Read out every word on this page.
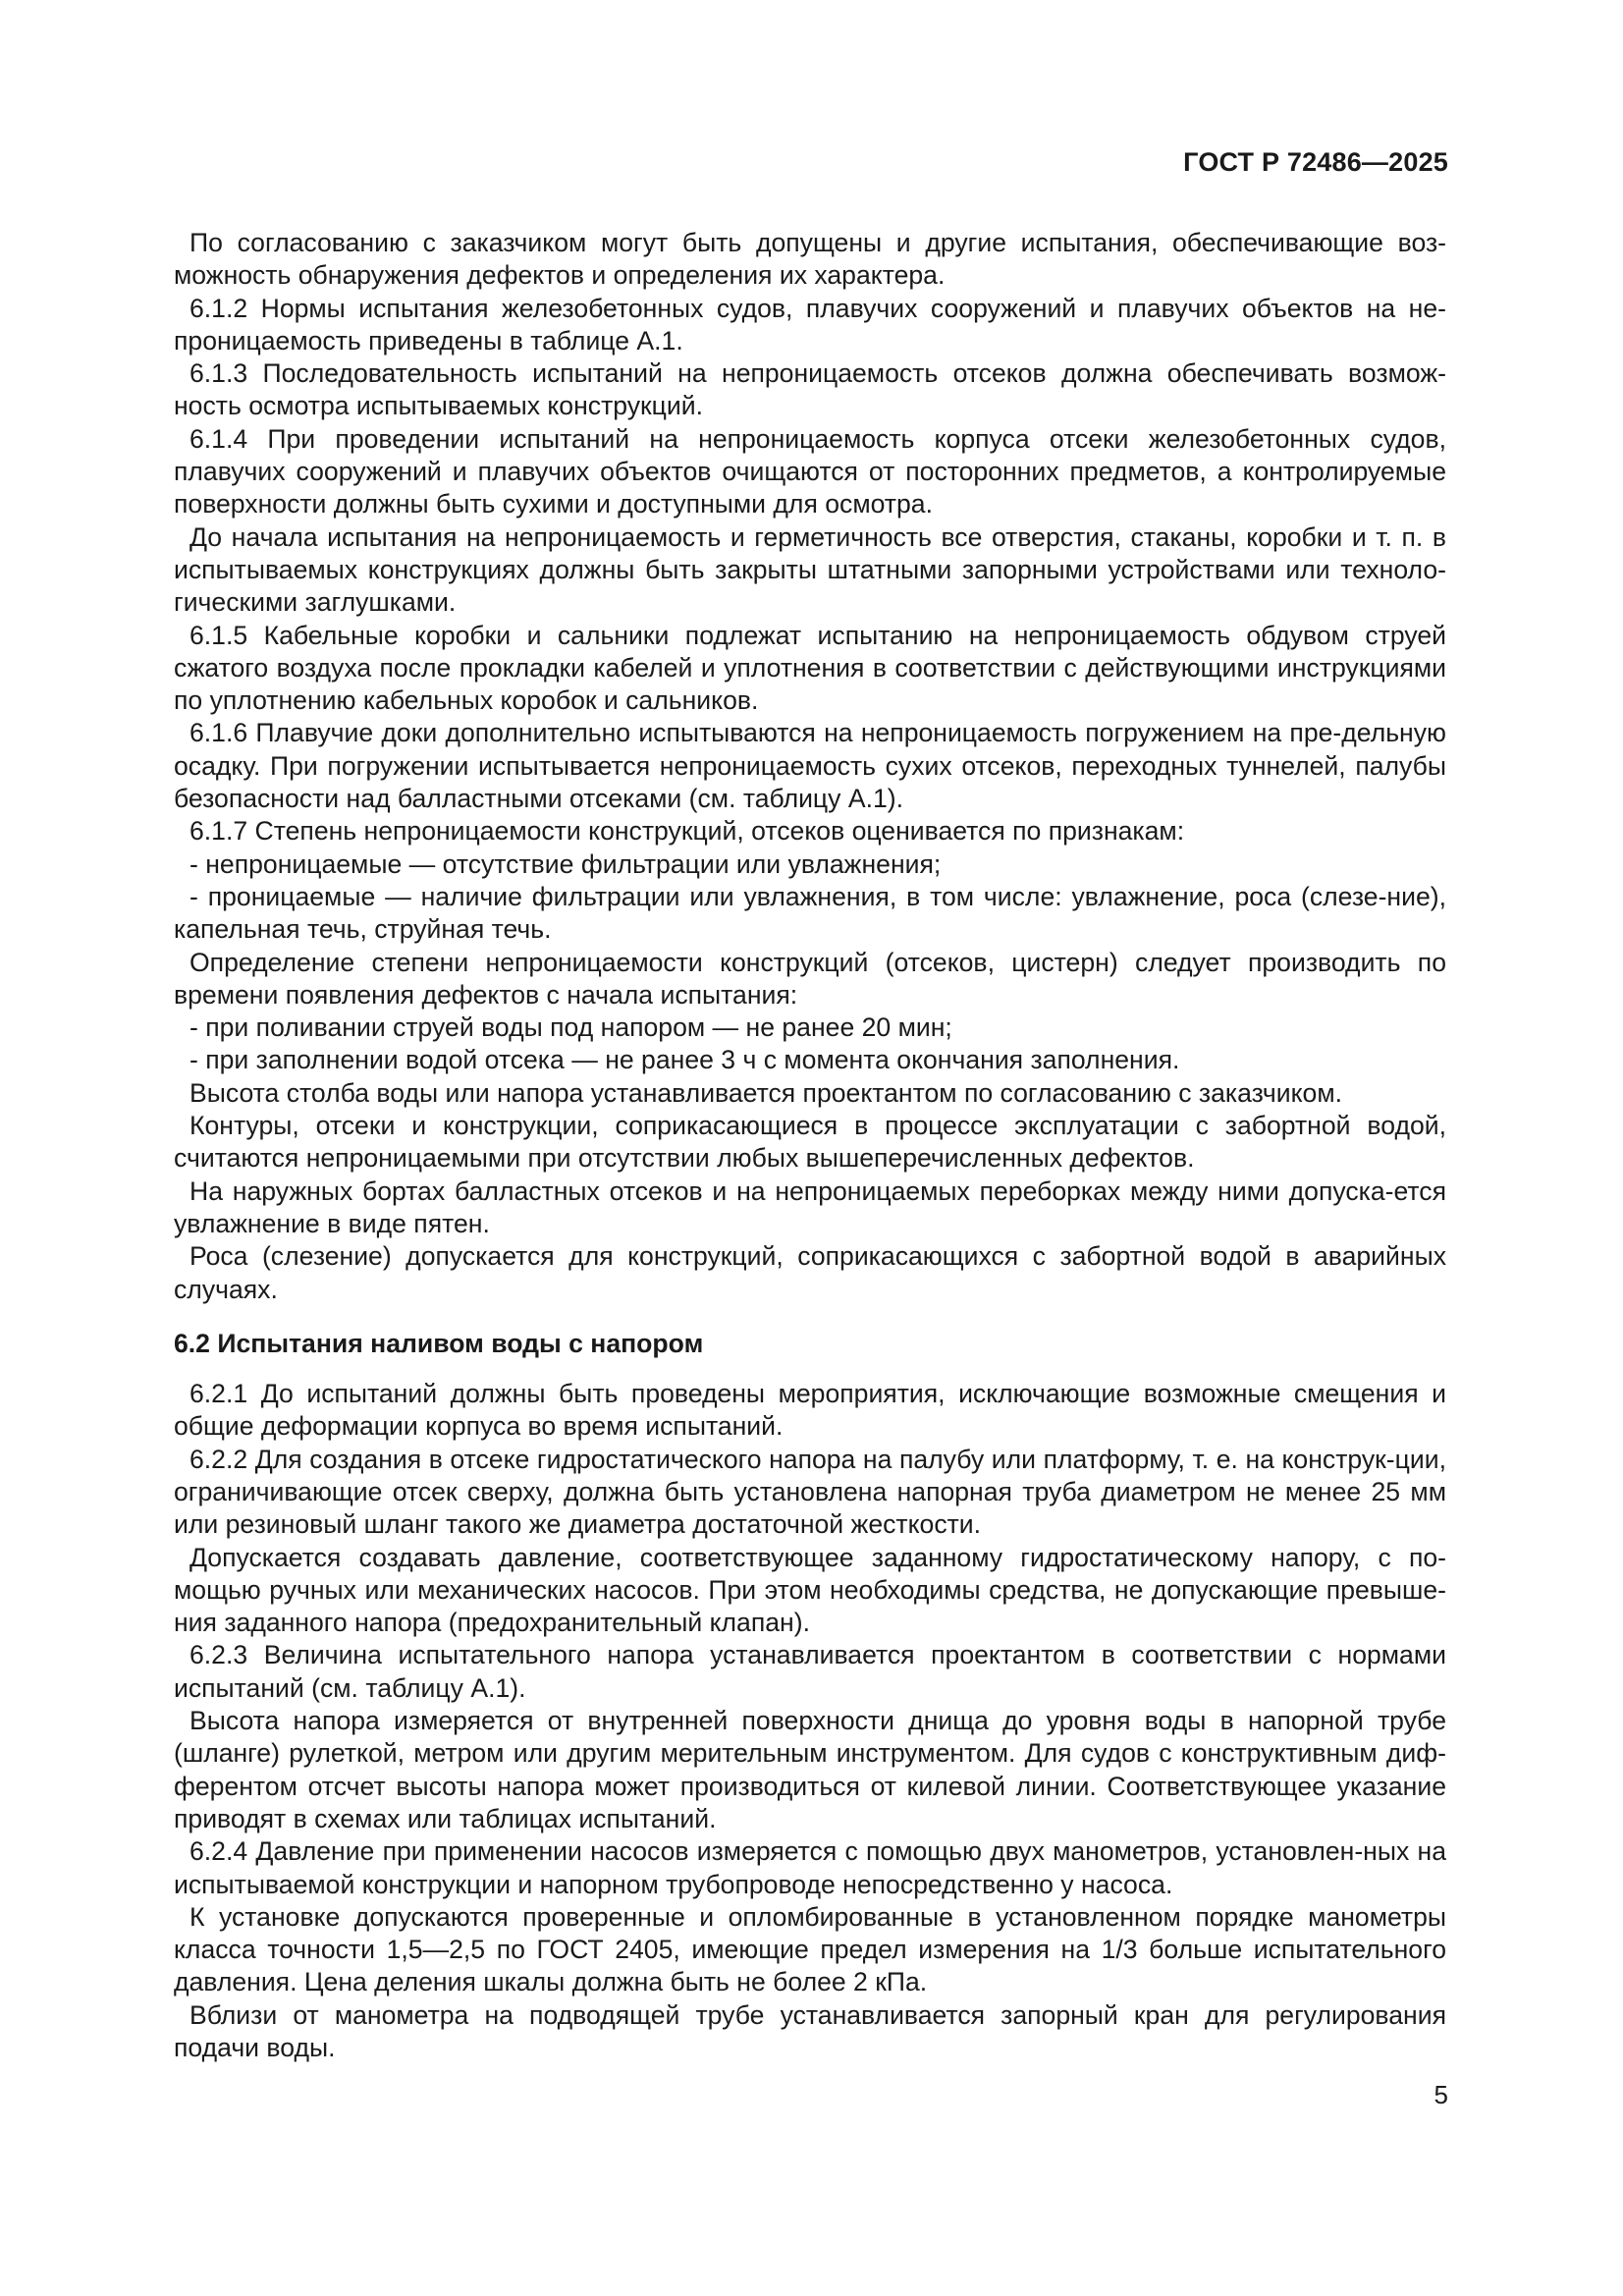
ГОСТ Р 72486—2025

По согласованию с заказчиком могут быть допущены и другие испытания, обеспечивающие воз-можность обнаружения дефектов и определения их характера.

6.1.2 Нормы испытания железобетонных судов, плавучих сооружений и плавучих объектов на не-проницаемость приведены в таблице А.1.

6.1.3 Последовательность испытаний на непроницаемость отсеков должна обеспечивать возмож-ность осмотра испытываемых конструкций.

6.1.4 При проведении испытаний на непроницаемость корпуса отсеки железобетонных судов, плавучих сооружений и плавучих объектов очищаются от посторонних предметов, а контролируемые поверхности должны быть сухими и доступными для осмотра.

До начала испытания на непроницаемость и герметичность все отверстия, стаканы, коробки и т. п. в испытываемых конструкциях должны быть закрыты штатными запорными устройствами или техноло-гическими заглушками.

6.1.5 Кабельные коробки и сальники подлежат испытанию на непроницаемость обдувом струей сжатого воздуха после прокладки кабелей и уплотнения в соответствии с действующими инструкциями по уплотнению кабельных коробок и сальников.

6.1.6 Плавучие доки дополнительно испытываются на непроницаемость погружением на пре-дельную осадку. При погружении испытывается непроницаемость сухих отсеков, переходных туннелей, палубы безопасности над балластными отсеками (см. таблицу А.1).

6.1.7 Степень непроницаемости конструкций, отсеков оценивается по признакам:

- непроницаемые — отсутствие фильтрации или увлажнения;

- проницаемые — наличие фильтрации или увлажнения, в том числе: увлажнение, роса (слезе-ние), капельная течь, струйная течь.

Определение степени непроницаемости конструкций (отсеков, цистерн) следует производить по времени появления дефектов с начала испытания:

- при поливании струей воды под напором — не ранее 20 мин;

- при заполнении водой отсека — не ранее 3 ч с момента окончания заполнения.

Высота столба воды или напора устанавливается проектантом по согласованию с заказчиком.

Контуры, отсеки и конструкции, соприкасающиеся в процессе эксплуатации с забортной водой, считаются непроницаемыми при отсутствии любых вышеперечисленных дефектов.

На наружных бортах балластных отсеков и на непроницаемых переборках между ними допуска-ется увлажнение в виде пятен.

Роса (слезение) допускается для конструкций, соприкасающихся с забортной водой в аварийных случаях.

6.2 Испытания наливом воды с напором

6.2.1 До испытаний должны быть проведены мероприятия, исключающие возможные смещения и общие деформации корпуса во время испытаний.

6.2.2 Для создания в отсеке гидростатического напора на палубу или платформу, т. е. на конструк-ции, ограничивающие отсек сверху, должна быть установлена напорная труба диаметром не менее 25 мм или резиновый шланг такого же диаметра достаточной жесткости.

Допускается создавать давление, соответствующее заданному гидростатическому напору, с по-мощью ручных или механических насосов. При этом необходимы средства, не допускающие превыше-ния заданного напора (предохранительный клапан).

6.2.3 Величина испытательного напора устанавливается проектантом в соответствии с нормами испытаний (см. таблицу А.1).

Высота напора измеряется от внутренней поверхности днища до уровня воды в напорной трубе (шланге) рулеткой, метром или другим мерительным инструментом. Для судов с конструктивным диф-ферентом отсчет высоты напора может производиться от килевой линии. Соответствующее указание приводят в схемах или таблицах испытаний.

6.2.4 Давление при применении насосов измеряется с помощью двух манометров, установлен-ных на испытываемой конструкции и напорном трубопроводе непосредственно у насоса.

К установке допускаются проверенные и опломбированные в установленном порядке манометры класса точности 1,5—2,5 по ГОСТ 2405, имеющие предел измерения на 1/3 больше испытательного давления. Цена деления шкалы должна быть не более 2 кПа.

Вблизи от манометра на подводящей трубе устанавливается запорный кран для регулирования подачи воды.

5
